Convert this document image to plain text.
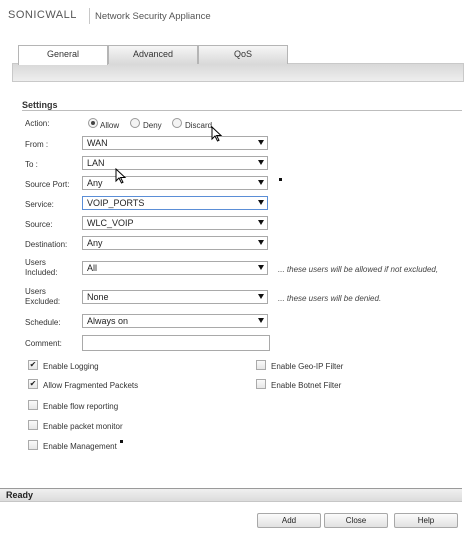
SONICWALL Network Security Appliance
General	Advanced	QoS
Settings
Action:	Allow	Deny	Discard
From :	WAN
To :	LAN
Source Port:	Any
Service:	VOIP_PORTS
Source:	WLC_VOIP
Destination:	Any
Users
Included:	All	... these users will be allowed if not excluded,
Users
Excluded:	None	... these users will be denied.
Schedule:	Always on
Comment:
✔ Enable Logging
✔ Allow Fragmented Packets
Enable flow reporting
Enable packet monitor
Enable Management
Enable Geo-IP Filter
Enable Botnet Filter
Ready
Add	Close	Help
